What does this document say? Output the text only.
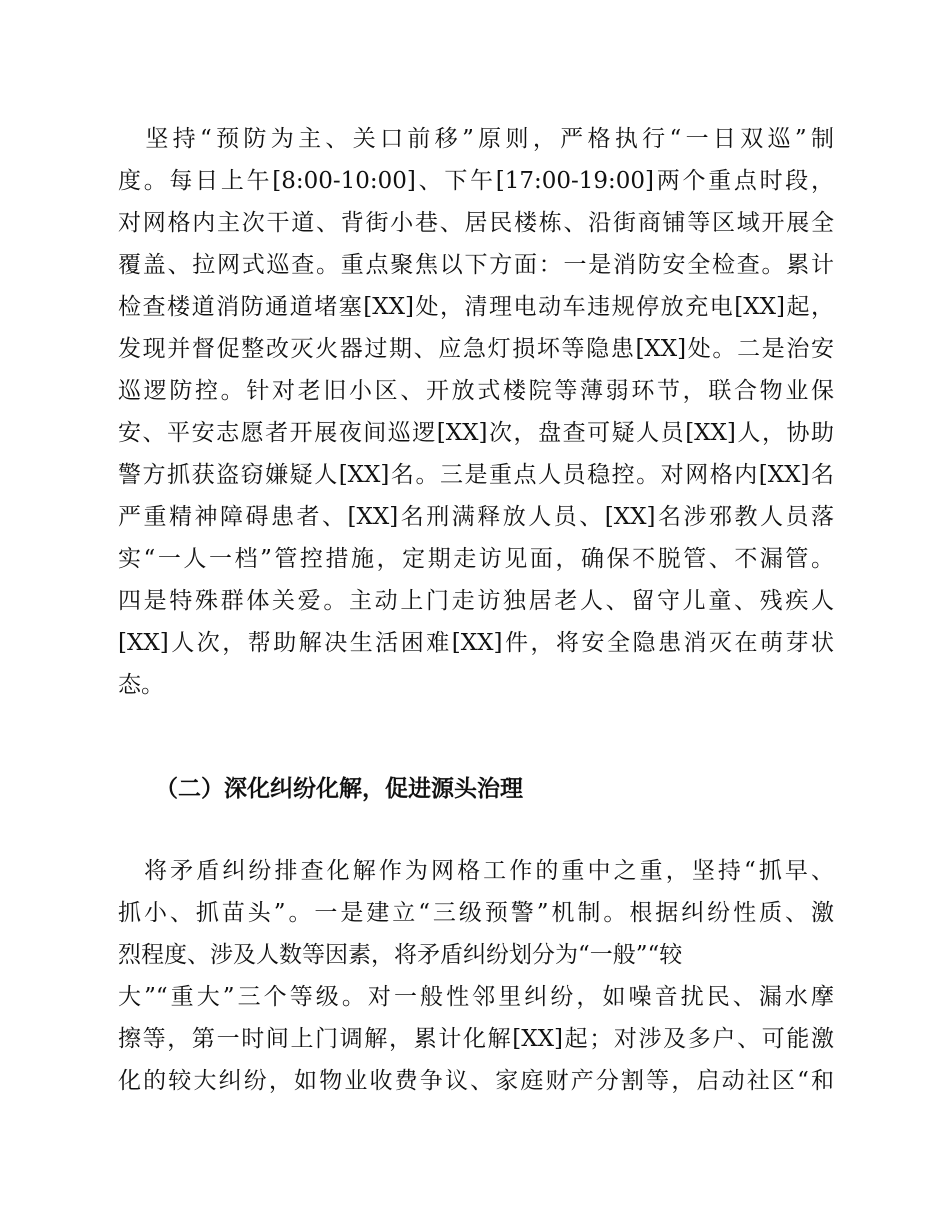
　坚持“预防为主、关口前移”原则，严格执行“一日双巡”制
度。每日上午[8:00-10:00]、下午[17:00-19:00]两个重点时段，
对网格内主次干道、背街小巷、居民楼栋、沿街商铺等区域开展全
覆盖、拉网式巡查。重点聚焦以下方面：一是消防安全检查。累计
检查楼道消防通道堵塞[XX]处，清理电动车违规停放充电[XX]起，
发现并督促整改灭火器过期、应急灯损坏等隐患[XX]处。二是治安
巡逻防控。针对老旧小区、开放式楼院等薄弱环节，联合物业保
安、平安志愿者开展夜间巡逻[XX]次，盘查可疑人员[XX]人，协助
警方抓获盗窃嫌疑人[XX]名。三是重点人员稳控。对网格内[XX]名
严重精神障碍患者、[XX]名刑满释放人员、[XX]名涉邪教人员落
实“一人一档”管控措施，定期走访见面，确保不脱管、不漏管。
四是特殊群体关爱。主动上门走访独居老人、留守儿童、残疾人
[XX]人次，帮助解决生活困难[XX]件，将安全隐患消灭在萌芽状
态。
（二）深化纠纷化解，促进源头治理
　将矛盾纠纷排查化解作为网格工作的重中之重，坚持“抓早、
抓小、抓苗头”。一是建立“三级预警”机制。根据纠纷性质、激
烈程度、涉及人数等因素，将矛盾纠纷划分为“一般”“较
大”“重大”三个等级。对一般性邻里纠纷，如噪音扰民、漏水摩
擦等，第一时间上门调解，累计化解[XX]起；对涉及多户、可能激
化的较大纠纷，如物业收费争议、家庭财产分割等，启动社区“和
